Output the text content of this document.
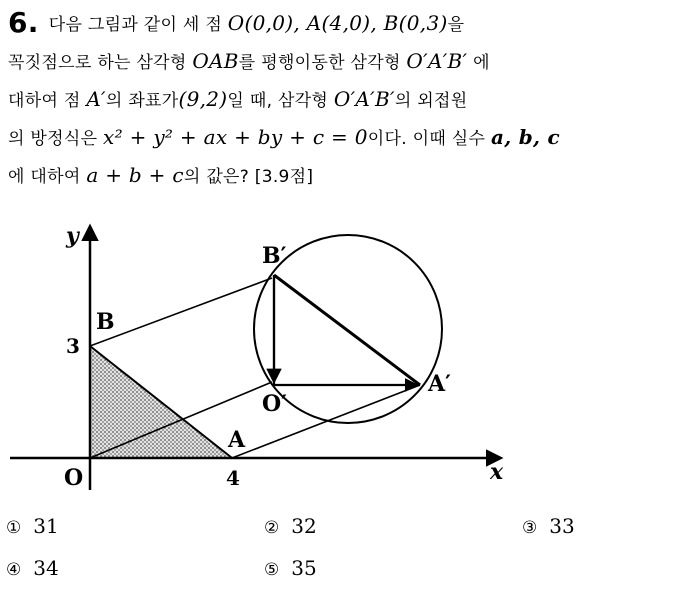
6. 다음 그림과 같이 세 점 O(0,0), A(4,0), B(0,3)을
꼭짓점으로 하는 삼각형 OAB를 평행이동한 삼각형 O′A′B′ 에
대하여 점 A′의 좌표가(9,2)일 때, 삼각형 O′A′B′의 외접원
의 방정식은 x² + y² + ax + by + c = 0이다. 이때 실수 a, b, c
에 대하여 a + b + c의 값은? [3.9점]
y
x
O
A
B
O′
A′
B′
3
4
① 31	② 32	③ 33
④ 34	⑤ 35
